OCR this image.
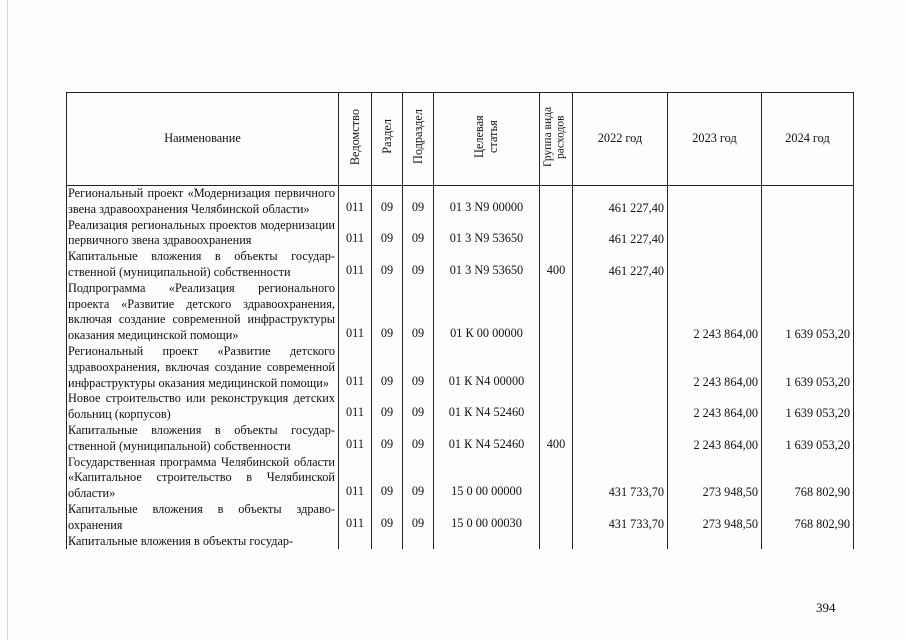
Наименование	Ведомство	Раздел	Подраздел	Целевая статья	Группа вида расходов	2022 год	2023 год	2024 год
Региональный проект «Модернизация первичного звена здравоохранения Челябинской области»	011	09	09	01 3 N9 00000		461 227,40		
Реализация региональных проектов модернизации первичного звена здравоохранения	011	09	09	01 3 N9 53650		461 227,40		
Капитальные вложения в объекты государственной (муниципальной) собственности	011	09	09	01 3 N9 53650	400	461 227,40		
Подпрограмма «Реализация регионального проекта «Развитие детского здравоохранения, включая создание современной инфраструктуры оказания медицинской помощи»	011	09	09	01 К 00 00000			2 243 864,00	1 639 053,20
Региональный проект «Развитие детского здравоохранения, включая создание современной инфраструктуры оказания медицинской помощи»	011	09	09	01 К N4 00000			2 243 864,00	1 639 053,20
Новое строительство или реконструкция детских больниц (корпусов)	011	09	09	01 К N4 52460			2 243 864,00	1 639 053,20
Капитальные вложения в объекты государственной (муниципальной) собственности	011	09	09	01 К N4 52460	400		2 243 864,00	1 639 053,20
Государственная программа Челябинской области «Капитальное строительство в Челябинской области»	011	09	09	15 0 00 00000		431 733,70	273 948,50	768 802,90
Капитальные вложения в объекты здравоохранения	011	09	09	15 0 00 00030		431 733,70	273 948,50	768 802,90
Капитальные вложения в объекты государ-								
394
